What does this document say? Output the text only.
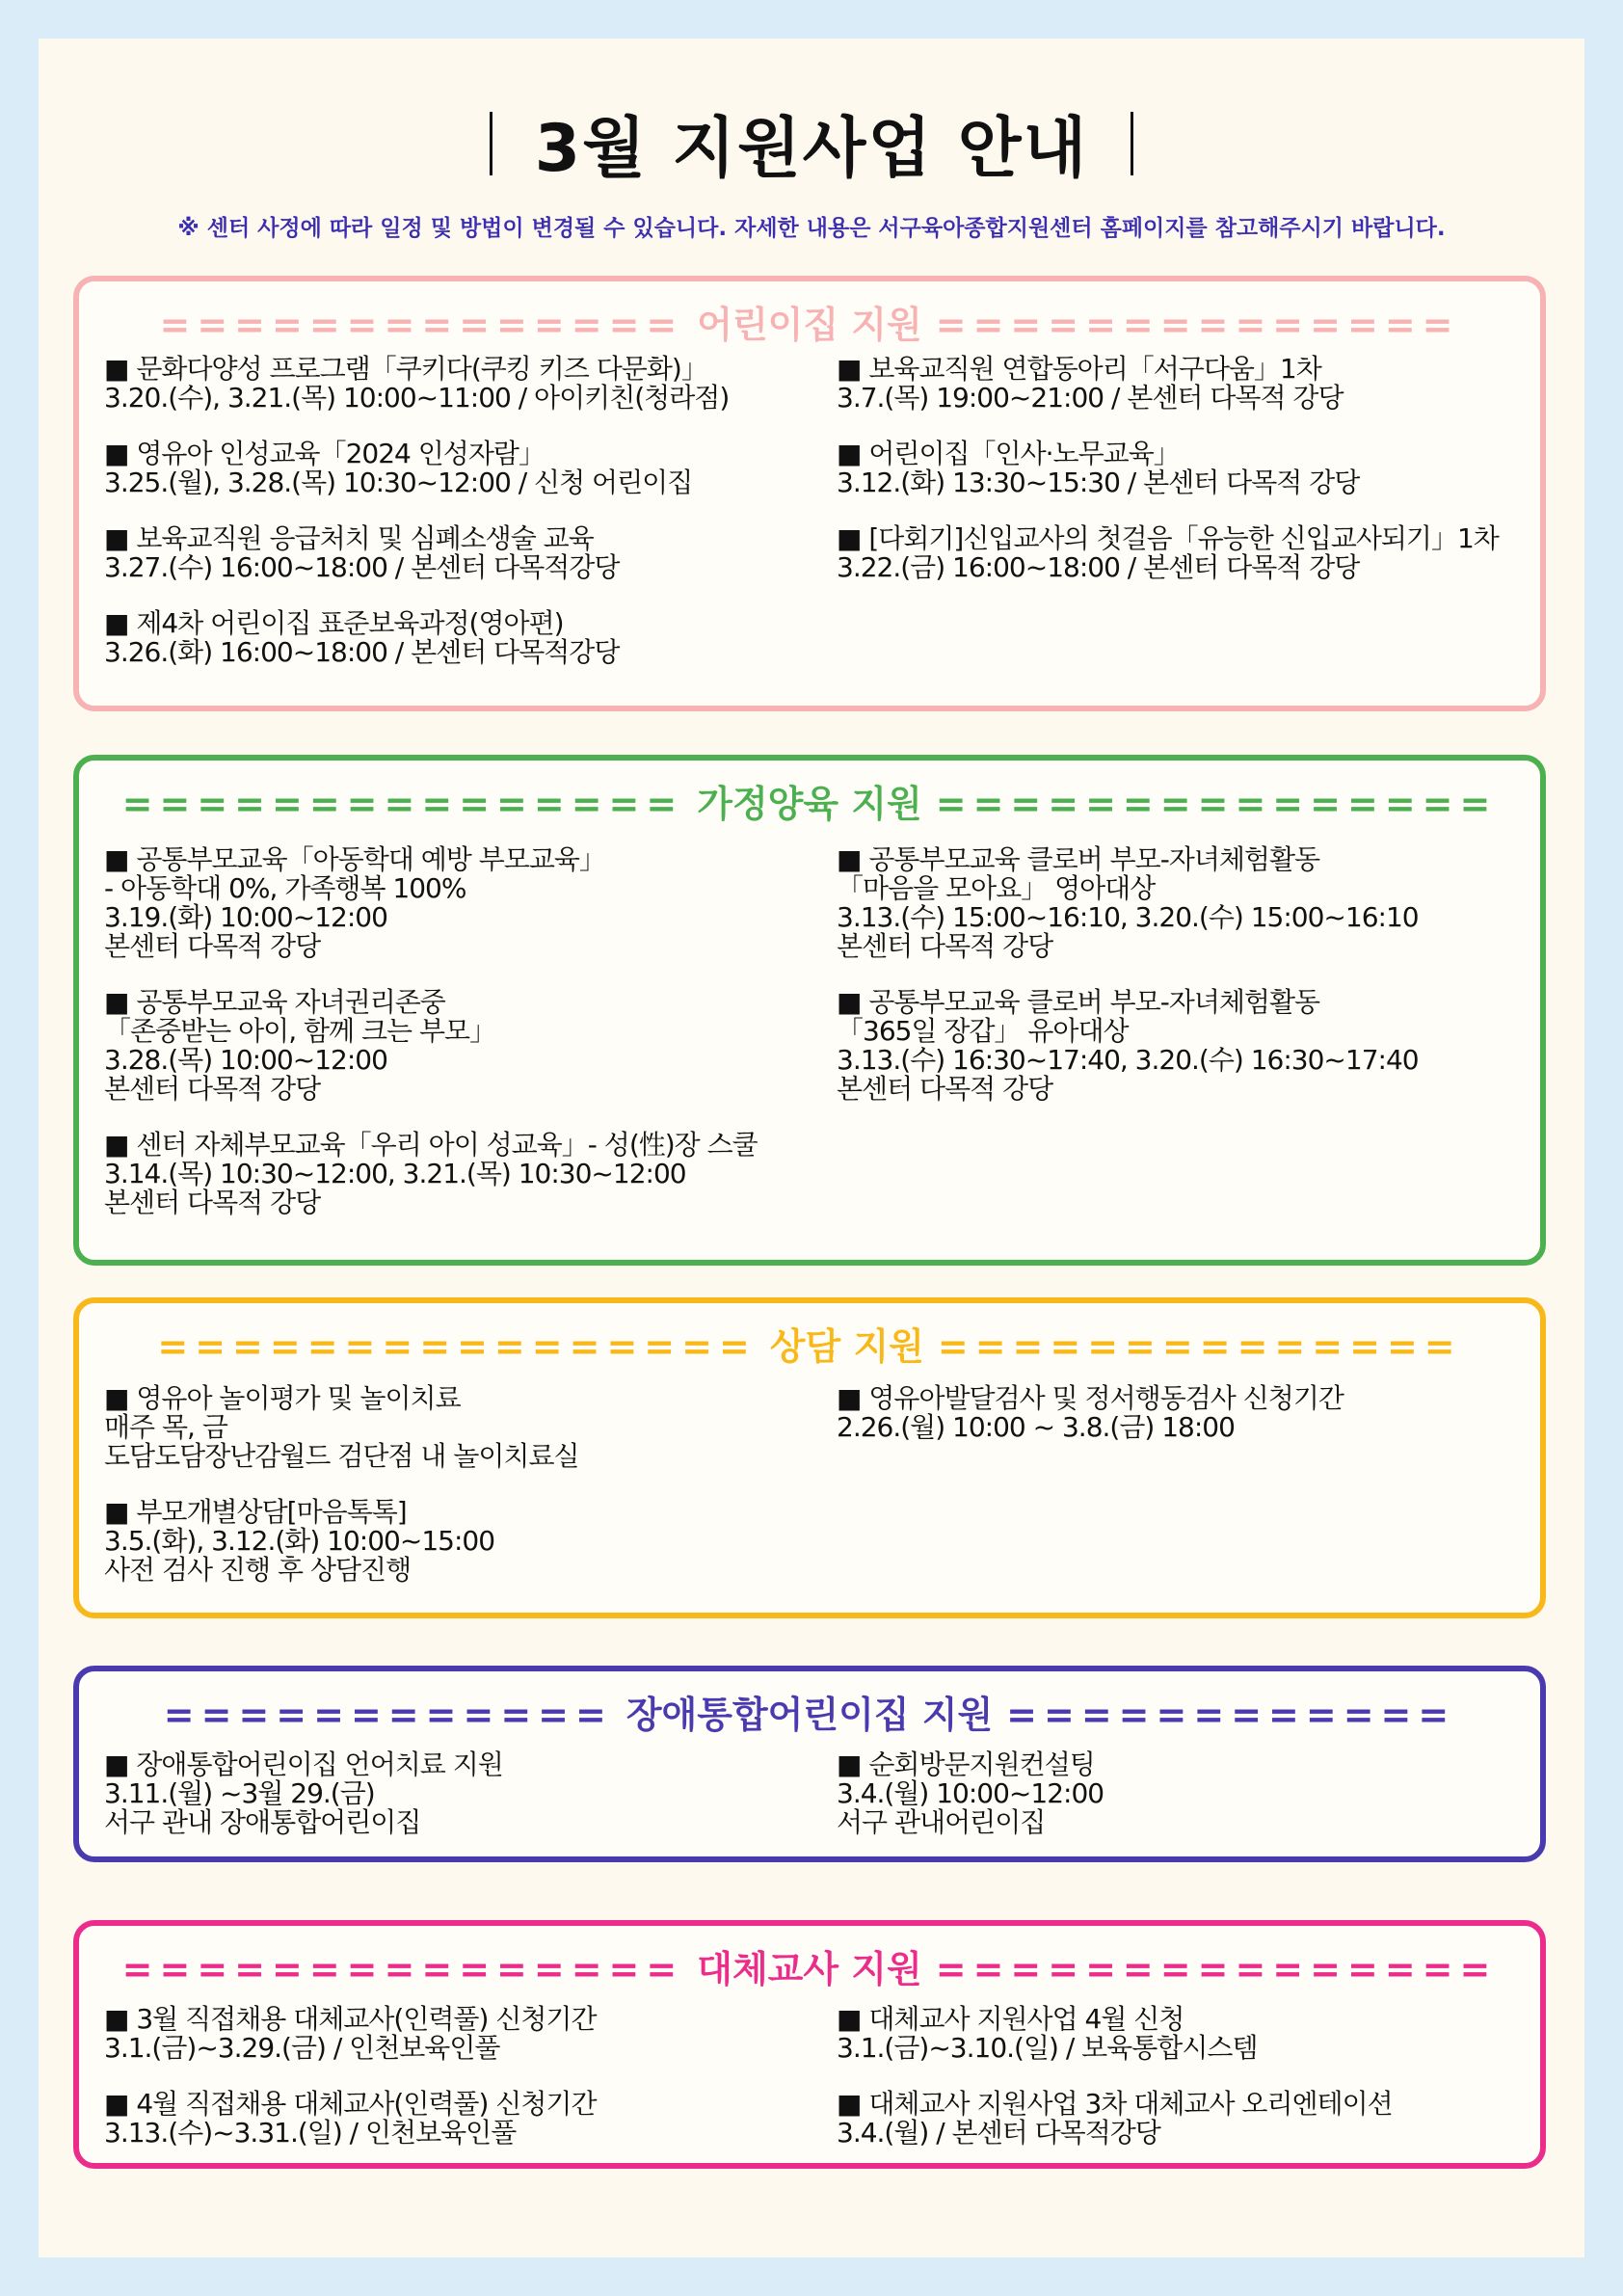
3월 지원사업 안내
※ 센터 사정에 따라 일정 및 방법이 변경될 수 있습니다. 자세한 내용은 서구육아종합지원센터 홈페이지를 참고해주시기 바랍니다.
============== 어린이집 지원 ==============
■ 문화다양성 프로그램「쿠키다(쿠킹 키즈 다문화)」
3.20.(수), 3.21.(목) 10:00~11:00 / 아이키친(청라점)
■ 영유아 인성교육「2024 인성자람」
3.25.(월), 3.28.(목) 10:30~12:00 / 신청 어린이집
■ 보육교직원 응급처치 및 심폐소생술 교육
3.27.(수) 16:00~18:00 / 본센터 다목적강당
■ 제4차 어린이집 표준보육과정(영아편)
3.26.(화) 16:00~18:00 / 본센터 다목적강당
■ 보육교직원 연합동아리「서구다움」1차
3.7.(목) 19:00~21:00 / 본센터 다목적 강당
■ 어린이집「인사·노무교육」
3.12.(화) 13:30~15:30 / 본센터 다목적 강당
■ [다회기]신입교사의 첫걸음「유능한 신입교사되기」1차
3.22.(금) 16:00~18:00 / 본센터 다목적 강당
=============== 가정양육 지원 ===============
■ 공통부모교육「아동학대 예방 부모교육」
- 아동학대 0%, 가족행복 100%
3.19.(화) 10:00~12:00
본센터 다목적 강당
■ 공통부모교육 자녀권리존중
「존중받는 아이, 함께 크는 부모」
3.28.(목) 10:00~12:00
본센터 다목적 강당
■ 센터 자체부모교육「우리 아이 성교육」- 성(性)장 스쿨
3.14.(목) 10:30~12:00, 3.21.(목) 10:30~12:00
본센터 다목적 강당
■ 공통부모교육 클로버 부모-자녀체험활동
「마음을 모아요」 영아대상
3.13.(수) 15:00~16:10, 3.20.(수) 15:00~16:10
본센터 다목적 강당
■ 공통부모교육 클로버 부모-자녀체험활동
「365일 장갑」 유아대상
3.13.(수) 16:30~17:40, 3.20.(수) 16:30~17:40
본센터 다목적 강당
================ 상담 지원 ==============
■ 영유아 놀이평가 및 놀이치료
매주 목, 금
도담도담장난감월드 검단점 내 놀이치료실
■ 부모개별상담[마음톡톡]
3.5.(화), 3.12.(화) 10:00~15:00
사전 검사 진행 후 상담진행
■ 영유아발달검사 및 정서행동검사 신청기간
2.26.(월) 10:00 ~ 3.8.(금) 18:00
============ 장애통합어린이집 지원 ============
■ 장애통합어린이집 언어치료 지원
3.11.(월) ~3월 29.(금)
서구 관내 장애통합어린이집
■ 순회방문지원컨설팅
3.4.(월) 10:00~12:00
서구 관내어린이집
=============== 대체교사 지원 ===============
■ 3월 직접채용 대체교사(인력풀) 신청기간
3.1.(금)~3.29.(금) / 인천보육인풀
■ 4월 직접채용 대체교사(인력풀) 신청기간
3.13.(수)~3.31.(일) / 인천보육인풀
■ 대체교사 지원사업 4월 신청
3.1.(금)~3.10.(일) / 보육통합시스템
■ 대체교사 지원사업 3차 대체교사 오리엔테이션
3.4.(월) / 본센터 다목적강당
